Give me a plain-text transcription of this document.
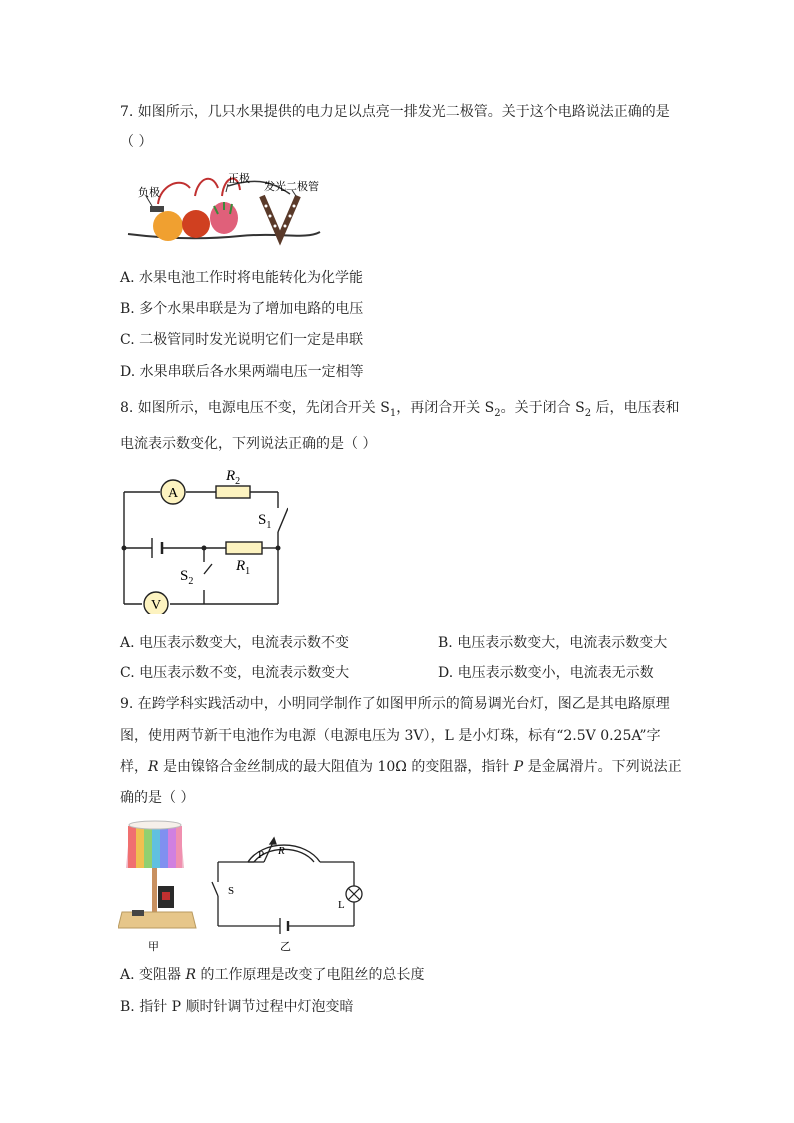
7. 如图所示，几只水果提供的电力足以点亮一排发光二极管。关于这个电路说法正确的是
（ ）
负极
正极
发光二极管
A. 水果电池工作时将电能转化为化学能
B. 多个水果串联是为了增加电路的电压
C. 二极管同时发光说明它们一定是串联
D. 水果串联后各水果两端电压一定相等
8. 如图所示，电源电压不变，先闭合开关 $S_1$，再闭合开关 $S_2$。关于闭合 $S_2$ 后，电压表和
电流表示数变化，下列说法正确的是（ ）
A
V
$R_2$
$R_1$
$S_1$
$S_2$
A. 电压表示数变大，电流表示数不变	B. 电压表示数变大，电流表示数变大
C. 电压表示数不变，电流表示数变大	D. 电压表示数变小，电流表无示数
9. 在跨学科实践活动中，小明同学制作了如图甲所示的简易调光台灯，图乙是其电路原理
图，使用两节新干电池作为电源（电源电压为 3V），L 是小灯珠，标有“2.5V 0.25A”字
样，R 是由镍铬合金丝制成的最大阻值为 10Ω 的变阻器，指针 P 是金属滑片。下列说法正
确的是（ ）
甲
P R
S
L
乙
A. 变阻器 R 的工作原理是改变了电阻丝的总长度
B. 指针 P 顺时针调节过程中灯泡变暗
